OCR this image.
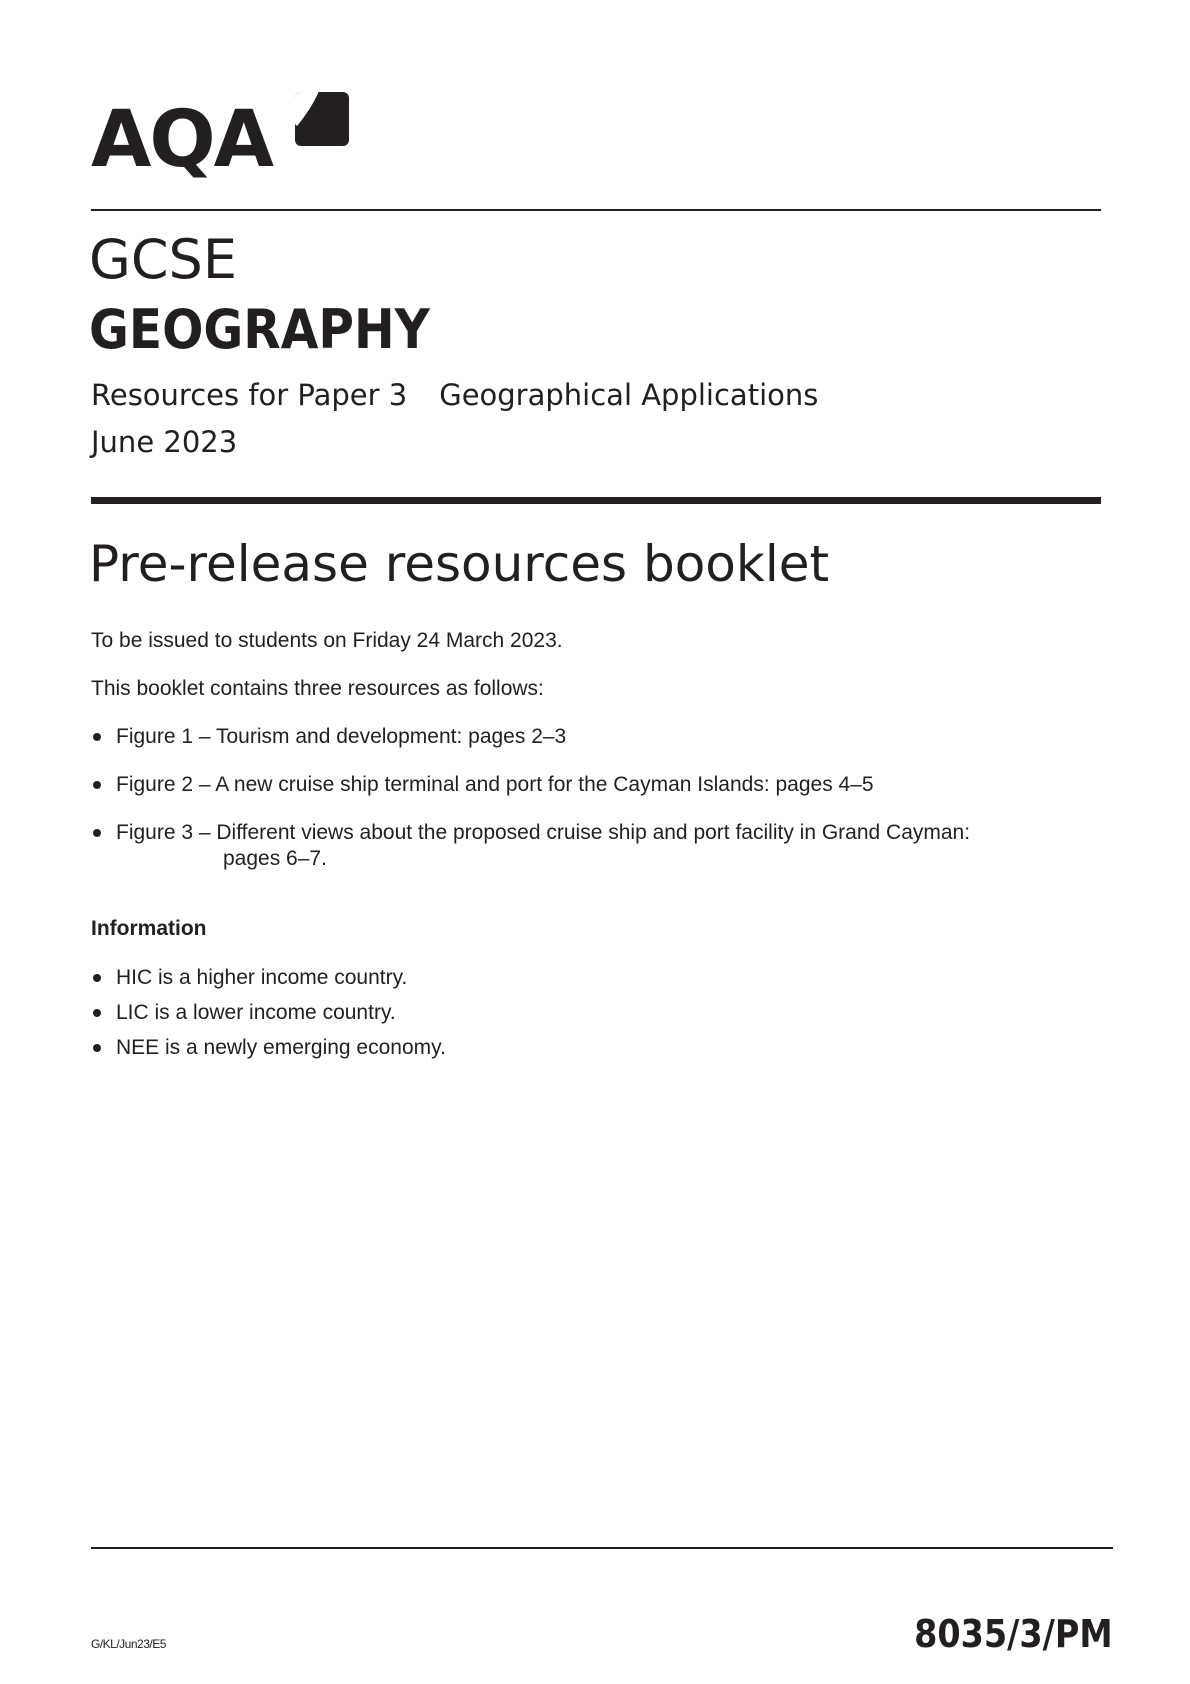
AQA
GCSE
GEOGRAPHY
Resources for Paper 3 Geographical Applications
June 2023
Pre-release resources booklet
To be issued to students on Friday 24 March 2023.
This booklet contains three resources as follows:
Figure 1 – Tourism and development: pages 2–3
Figure 2 – A new cruise ship terminal and port for the Cayman Islands: pages 4–5
Figure 3 – Different views about the proposed cruise ship and port facility in Grand Cayman:
pages 6–7.
Information
HIC is a higher income country.
LIC is a lower income country.
NEE is a newly emerging economy.
G/KL/Jun23/E5	8035/3/PM
